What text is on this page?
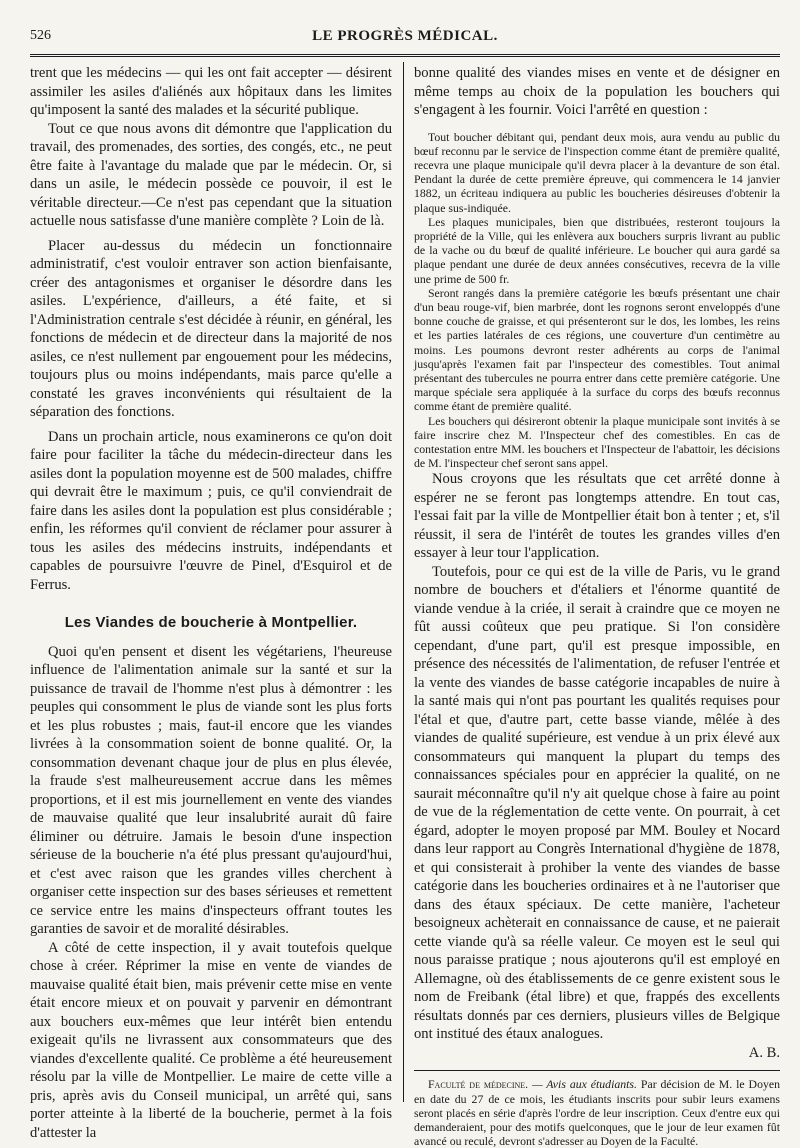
526	LE PROGRÈS MÉDICAL.

trent que les médecins — qui les ont fait accepter — désirent assimiler les asiles d'aliénés aux hôpitaux dans les limites qu'imposent la santé des malades et la sécurité publique.

Tout ce que nous avons dit démontre que l'application du travail, des promenades, des sorties, des congés, etc., ne peut être faite à l'avantage du malade que par le médecin. Or, si dans un asile, le médecin possède ce pouvoir, il est le véritable directeur.—Ce n'est pas cependant que la situation actuelle nous satisfasse d'une manière complète ? Loin de là.

Placer au-dessus du médecin un fonctionnaire administratif, c'est vouloir entraver son action bienfaisante, créer des antagonismes et organiser le désordre dans les asiles. L'expérience, d'ailleurs, a été faite, et si l'Administration centrale s'est décidée à réunir, en général, les fonctions de médecin et de directeur dans la majorité de nos asiles, ce n'est nullement par engouement pour les médecins, toujours plus ou moins indépendants, mais parce qu'elle a constaté les graves inconvénients qui résultaient de la séparation des fonctions.

Dans un prochain article, nous examinerons ce qu'on doit faire pour faciliter la tâche du médecin-directeur dans les asiles dont la population moyenne est de 500 malades, chiffre qui devrait être le maximum ; puis, ce qu'il conviendrait de faire dans les asiles dont la population est plus considérable ; enfin, les réformes qu'il convient de réclamer pour assurer à tous les asiles des médecins instruits, indépendants et capables de poursuivre l'œuvre de Pinel, d'Esquirol et de Ferrus.

Les Viandes de boucherie à Montpellier.

Quoi qu'en pensent et disent les végétariens, l'heureuse influence de l'alimentation animale sur la santé et sur la puissance de travail de l'homme n'est plus à démontrer : les peuples qui consomment le plus de viande sont les plus forts et les plus robustes ; mais, faut-il encore que les viandes livrées à la consommation soient de bonne qualité. Or, la consommation devenant chaque jour de plus en plus élevée, la fraude s'est malheureusement accrue dans les mêmes proportions, et il est mis journellement en vente des viandes de mauvaise qualité que leur insalubrité aurait dû faire éliminer ou détruire. Jamais le besoin d'une inspection sérieuse de la boucherie n'a été plus pressant qu'aujourd'hui, et c'est avec raison que les grandes villes cherchent à organiser cette inspection sur des bases sérieuses et remettent ce service entre les mains d'inspecteurs offrant toutes les garanties de savoir et de moralité désirables.

A côté de cette inspection, il y avait toutefois quelque chose à créer. Réprimer la mise en vente de viandes de mauvaise qualité était bien, mais prévenir cette mise en vente était encore mieux et on pouvait y parvenir en démontrant aux bouchers eux-mêmes que leur intérêt bien entendu exigeait qu'ils ne livrassent aux consommateurs que des viandes d'excellente qualité. Ce problème a été heureusement résolu par la ville de Montpellier. Le maire de cette ville a pris, après avis du Conseil municipal, un arrêté qui, sans porter atteinte à la liberté de la boucherie, permet à la fois d'attester la

bonne qualité des viandes mises en vente et de désigner en même temps au choix de la population les bouchers qui s'engagent à les fournir. Voici l'arrêté en question :

Tout boucher débitant qui, pendant deux mois, aura vendu au public du bœuf reconnu par le service de l'inspection comme étant de première qualité, recevra une plaque municipale qu'il devra placer à la devanture de son étal. Pendant la durée de cette première épreuve, qui commencera le 14 janvier 1882, un écriteau indiquera au public les boucheries désireuses d'obtenir la plaque sus-indiquée.

Les plaques municipales, bien que distribuées, resteront toujours la propriété de la Ville, qui les enlèvera aux bouchers surpris livrant au public de la vache ou du bœuf de qualité inférieure. Le boucher qui aura gardé sa plaque pendant une durée de deux années consécutives, recevra de la ville une prime de 500 fr.

Seront rangés dans la première catégorie les bœufs présentant une chair d'un beau rouge-vif, bien marbrée, dont les rognons seront enveloppés d'une bonne couche de graisse, et qui présenteront sur le dos, les lombes, les reins et les parties latérales de ces régions, une couverture d'un centimètre au moins. Les poumons devront rester adhérents au corps de l'animal jusqu'après l'examen fait par l'inspecteur des comestibles. Tout animal présentant des tubercules ne pourra entrer dans cette première catégorie. Une marque spéciale sera appliquée à la surface du corps des bœufs reconnus comme étant de première qualité.

Les bouchers qui désireront obtenir la plaque municipale sont invités à se faire inscrire chez M. l'Inspecteur chef des comestibles. En cas de contestation entre MM. les bouchers et l'Inspecteur de l'abattoir, les décisions de M. l'inspecteur chef seront sans appel.

Nous croyons que les résultats que cet arrêté donne à espérer ne se feront pas longtemps attendre. En tout cas, l'essai fait par la ville de Montpellier était bon à tenter ; et, s'il réussit, il sera de l'intérêt de toutes les grandes villes d'en essayer à leur tour l'application.

Toutefois, pour ce qui est de la ville de Paris, vu le grand nombre de bouchers et d'étaliers et l'énorme quantité de viande vendue à la criée, il serait à craindre que ce moyen ne fût aussi coûteux que peu pratique. Si l'on considère cependant, d'une part, qu'il est presque impossible, en présence des nécessités de l'alimentation, de refuser l'entrée et la vente des viandes de basse catégorie incapables de nuire à la santé mais qui n'ont pas pourtant les qualités requises pour l'étal et que, d'autre part, cette basse viande, mêlée à des viandes de qualité supérieure, est vendue à un prix élevé aux consommateurs qui manquent la plupart du temps des connaissances spéciales pour en apprécier la qualité, on ne saurait méconnaître qu'il n'y ait quelque chose à faire au point de vue de la réglementation de cette vente. On pourrait, à cet égard, adopter le moyen proposé par MM. Bouley et Nocard dans leur rapport au Congrès International d'hygiène de 1878, et qui consisterait à prohiber la vente des viandes de basse catégorie dans les boucheries ordinaires et à ne l'autoriser que dans des étaux spéciaux. De cette manière, l'acheteur besoigneux achèterait en connaissance de cause, et ne paierait cette viande qu'à sa réelle valeur. Ce moyen est le seul qui nous paraisse pratique ; nous ajouterons qu'il est employé en Allemagne, où des établissements de ce genre existent sous le nom de Freibank (étal libre) et que, frappés des excellents résultats donnés par ces derniers, plusieurs villes de Belgique ont institué des étaux analogues.

A. B.

Faculté de médecine. — Avis aux étudiants. Par décision de M. le Doyen en date du 27 de ce mois, les étudiants inscrits pour subir leurs examens seront placés en série d'après l'ordre de leur inscription. Ceux d'entre eux qui demanderaient, pour des motifs quelconques, que le jour de leur examen fût avancé ou reculé, devront s'adresser au Doyen de la Faculté.
